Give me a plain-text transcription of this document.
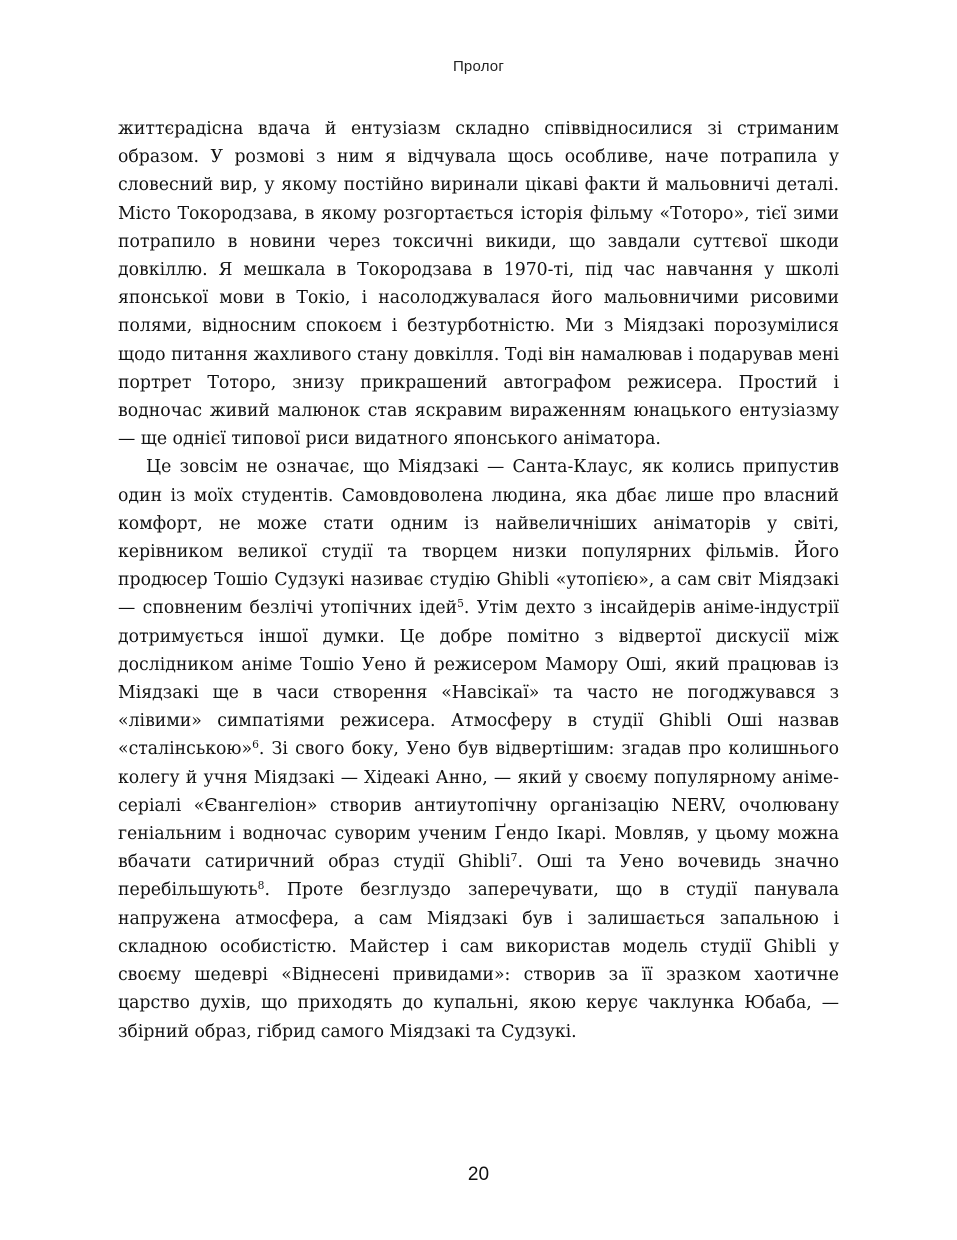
Пролог

життєрадісна вдача й ентузіазм складно співвідносилися зі стриманим образом. У розмові з ним я відчувала щось особливе, наче потрапила у словесний вир, у якому постійно виринали цікаві факти й мальовничі деталі. Місто Токородзава, в якому розгортається історія фільму «Тоторо», тієї зими потрапило в новини через токсичні викиди, що завдали суттєвої шкоди довкіллю. Я мешкала в Токородзава в 1970-ті, під час навчання у школі японської мови в Токіо, і насолоджувалася його мальовничими рисовими полями, відносним спокоєм і безтурботністю. Ми з Міядзакі порозумілися щодо питання жахливого стану довкілля. Тоді він намалював і подарував мені портрет Тоторо, знизу прикрашений автографом режисера. Простий і водночас живий малюнок став яскравим вираженням юнацького ентузіазму — ще однієї типової риси видатного японського аніматора.

Це зовсім не означає, що Міядзакі — Санта-Клаус, як колись припустив один із моїх студентів. Самовдоволена людина, яка дбає лише про власний комфорт, не може стати одним із найвеличніших аніматорів у світі, керівником великої студії та творцем низки популярних фільмів. Його продюсер Тошіо Судзукі називає студію Ghibli «утопією», а сам світ Міядзакі — сповненим безлічі утопічних ідей$^5$. Утім дехто з інсайдерів аніме-індустрії дотримується іншої думки. Це добре помітно з відвертої дискусії між дослідником аніме Тошіо Уено й режисером Мамору Оші, який працював із Міядзакі ще в часи створення «Навсікаї» та часто не погоджувався з «лівими» симпатіями режисера. Атмосферу в студії Ghibli Оші назвав «сталінською»$^6$. Зі свого боку, Уено був відвертішим: згадав про колишнього колегу й учня Міядзакі — Хідеакі Анно, — який у своєму популярному аніме-серіалі «Євангеліон» створив антиутопічну організацію NERV, очолювану геніальним і водночас суворим ученим Ґендо Ікарі. Мовляв, у цьому можна вбачати сатиричний образ студії Ghibli$^7$. Оші та Уено вочевидь значно перебільшують$^8$. Проте безглуздо заперечувати, що в студії панувала напружена атмосфера, а сам Міядзакі був і залишається запальною і складною особистістю. Майстер і сам використав модель студії Ghibli у своєму шедеврі «Віднесені привидами»: створив за її зразком хаотичне царство духів, що приходять до купальні, якою керує чаклунка Юбаба, — збірний образ, гібрид самого Міядзакі та Судзукі.

20
